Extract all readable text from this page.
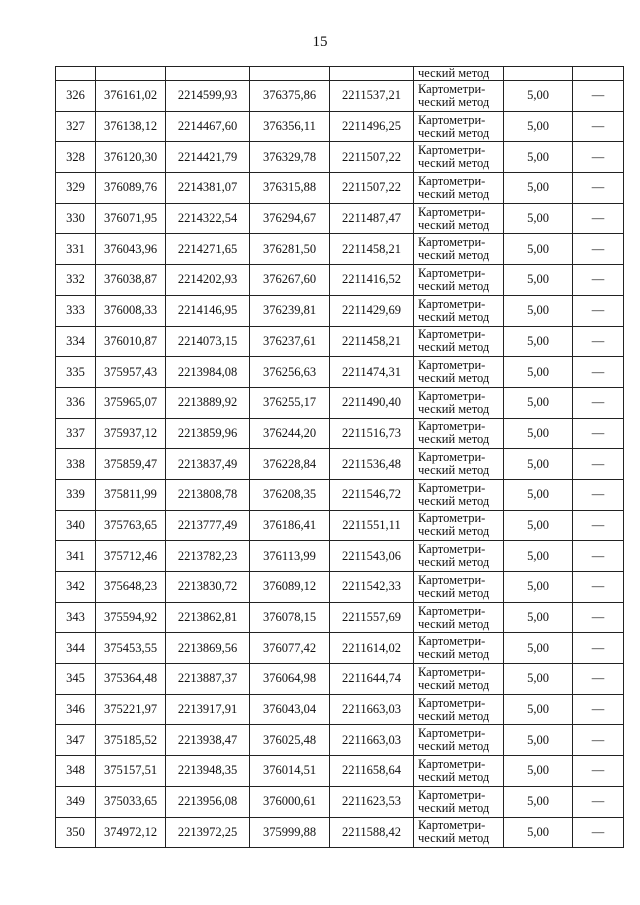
15
					ческий метод		
326	376161,02	2214599,93	376375,86	2211537,21	Картометри-
ческий метод	5,00	—
327	376138,12	2214467,60	376356,11	2211496,25	Картометри-
ческий метод	5,00	—
328	376120,30	2214421,79	376329,78	2211507,22	Картометри-
ческий метод	5,00	—
329	376089,76	2214381,07	376315,88	2211507,22	Картометри-
ческий метод	5,00	—
330	376071,95	2214322,54	376294,67	2211487,47	Картометри-
ческий метод	5,00	—
331	376043,96	2214271,65	376281,50	2211458,21	Картометри-
ческий метод	5,00	—
332	376038,87	2214202,93	376267,60	2211416,52	Картометри-
ческий метод	5,00	—
333	376008,33	2214146,95	376239,81	2211429,69	Картометри-
ческий метод	5,00	—
334	376010,87	2214073,15	376237,61	2211458,21	Картометри-
ческий метод	5,00	—
335	375957,43	2213984,08	376256,63	2211474,31	Картометри-
ческий метод	5,00	—
336	375965,07	2213889,92	376255,17	2211490,40	Картометри-
ческий метод	5,00	—
337	375937,12	2213859,96	376244,20	2211516,73	Картометри-
ческий метод	5,00	—
338	375859,47	2213837,49	376228,84	2211536,48	Картометри-
ческий метод	5,00	—
339	375811,99	2213808,78	376208,35	2211546,72	Картометри-
ческий метод	5,00	—
340	375763,65	2213777,49	376186,41	2211551,11	Картометри-
ческий метод	5,00	—
341	375712,46	2213782,23	376113,99	2211543,06	Картометри-
ческий метод	5,00	—
342	375648,23	2213830,72	376089,12	2211542,33	Картометри-
ческий метод	5,00	—
343	375594,92	2213862,81	376078,15	2211557,69	Картометри-
ческий метод	5,00	—
344	375453,55	2213869,56	376077,42	2211614,02	Картометри-
ческий метод	5,00	—
345	375364,48	2213887,37	376064,98	2211644,74	Картометри-
ческий метод	5,00	—
346	375221,97	2213917,91	376043,04	2211663,03	Картометри-
ческий метод	5,00	—
347	375185,52	2213938,47	376025,48	2211663,03	Картометри-
ческий метод	5,00	—
348	375157,51	2213948,35	376014,51	2211658,64	Картометри-
ческий метод	5,00	—
349	375033,65	2213956,08	376000,61	2211623,53	Картометри-
ческий метод	5,00	—
350	374972,12	2213972,25	375999,88	2211588,42	Картометри-
ческий метод	5,00	—
